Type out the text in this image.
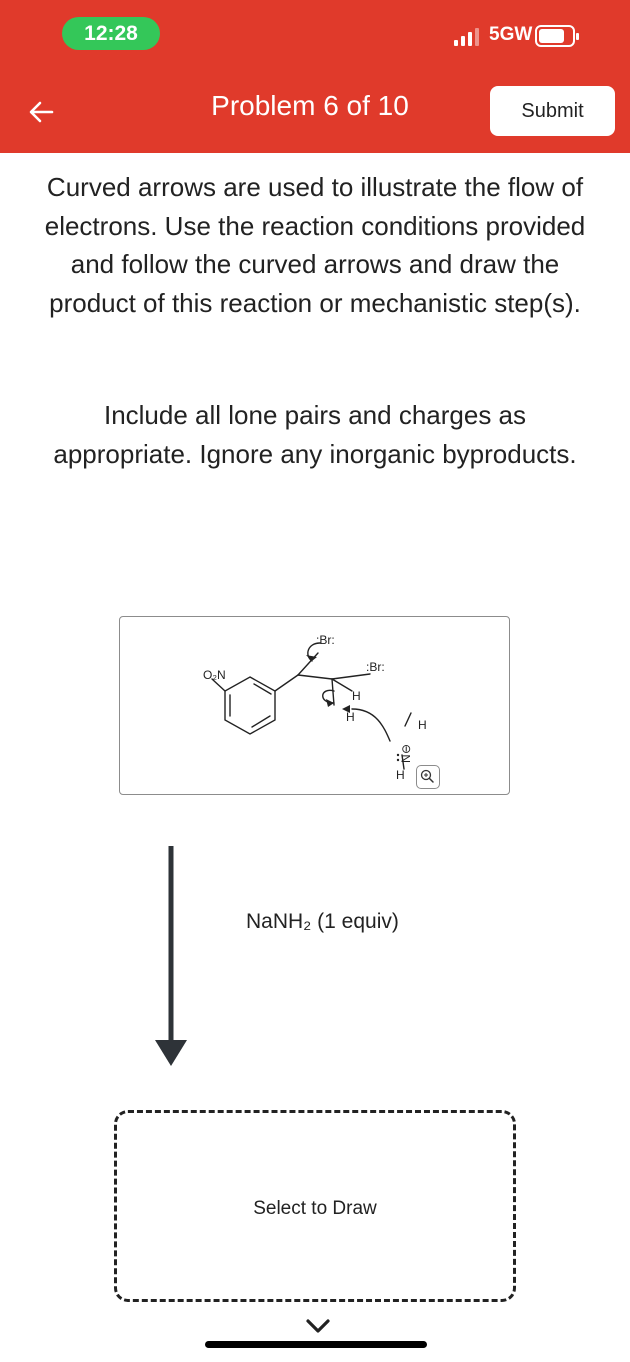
12:28	5GW
Problem 6 of 10	Submit
Curved arrows are used to illustrate the flow of electrons. Use the reaction conditions provided and follow the curved arrows and draw the product of this reaction or mechanistic step(s).
Include all lone pairs and charges as appropriate. Ignore any inorganic byproducts.
O₂N
:Br:
:Br:
H
H
H
H
N
⊖
NaNH₂ (1 equiv)
Select to Draw
